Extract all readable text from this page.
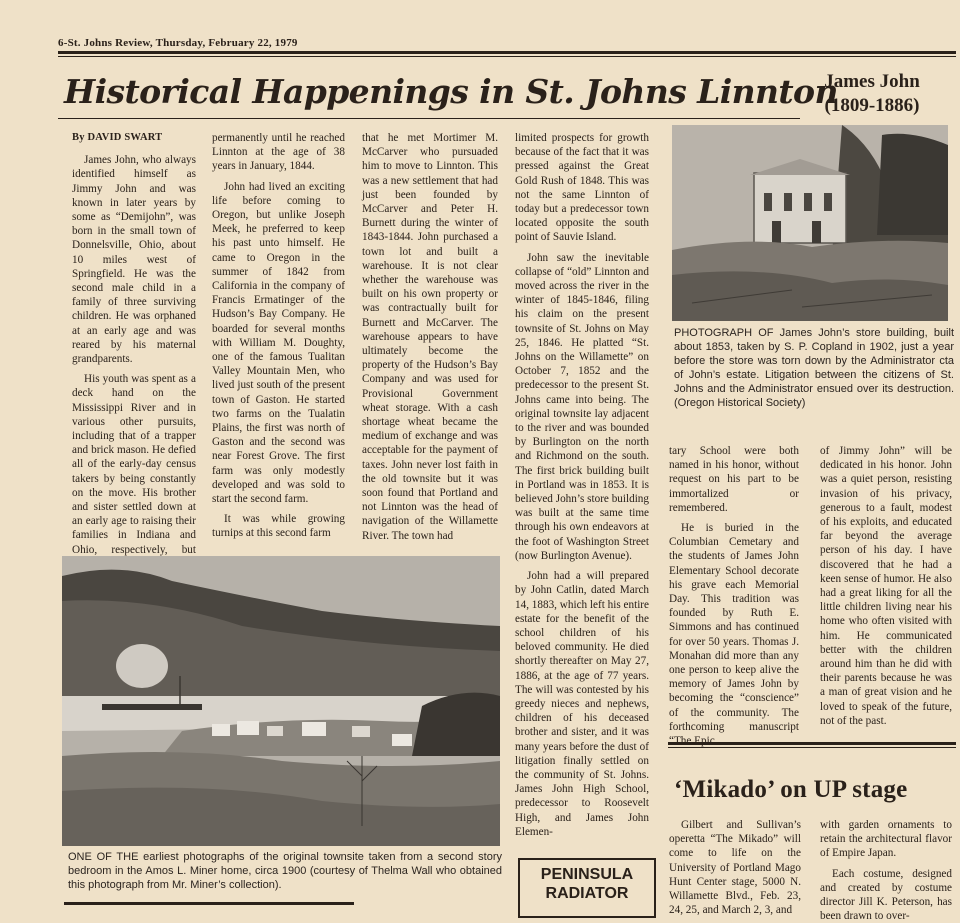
6-St. Johns Review, Thursday, February 22, 1979
Historical Happenings in St. Johns Linnton
James John
(1809-1886)
By DAVID SWART

James John, who always identified himself as Jimmy John and was known in later years by some as “Demijohn”, was born in the small town of Donnelsville, Ohio, about 10 miles west of Springfield. He was the second male child in a family of three surviving children. He was orphaned at an early age and was reared by his maternal grandparents.

His youth was spent as a deck hand on the Mississippi River and in various other pursuits, including that of a trapper and brick mason. He defied all of the early-day census takers by being constantly on the move. His brother and sister settled down at an early age to raising their families in Indiana and Ohio, respectively, but

permanently until he reached Linnton at the age of 38 years in January, 1844.

John had lived an exciting life before coming to Oregon, but unlike Joseph Meek, he preferred to keep his past unto himself. He came to Oregon in the summer of 1842 from California in the company of Francis Ermatinger of the Hudson’s Bay Company. He boarded for several months with William M. Doughty, one of the famous Tualitan Valley Mountain Men, who lived just south of the present town of Gaston. He started two farms on the Tualatin Plains, the first was north of Gaston and the second was near Forest Grove. The first farm was only modestly developed and was sold to start the second farm.

It was while growing turnips at this second farm

that he met Mortimer M. McCarver who pursuaded him to move to Linnton. This was a new settlement that had just been founded by McCarver and Peter H. Burnett during the winter of 1843-1844. John purchased a town lot and built a warehouse. It is not clear whether the warehouse was built on his own property or was contractually built for Burnett and McCarver. The warehouse appears to have ultimately become the property of the Hudson’s Bay Company and was used for Provisional Government wheat storage. With a cash shortage wheat became the medium of exchange and was acceptable for the payment of taxes. John never lost faith in the old townsite but it was soon found that Portland and not Linnton was the head of navigation of the Willamette River. The town had

limited prospects for growth because of the fact that it was pressed against the Great Gold Rush of 1848. This was not the same Linnton of today but a predecessor town located opposite the south point of Sauvie Island.

John saw the inevitable collapse of “old” Linnton and moved across the river in the winter of 1845-1846, filing his claim on the present townsite of St. Johns on May 25, 1846. He platted “St. Johns on the Willamette” on October 7, 1852 and the predecessor to the present St. Johns came into being. The original townsite lay adjacent to the river and was bounded by Burlington on the north and Richmond on the south. The first brick building built in Portland was in 1853. It is believed John’s store building was built at the same time through his own endeavors at the foot of Washington Street (now Burlington Avenue).

John had a will prepared by John Catlin, dated March 14, 1883, which left his entire estate for the benefit of the school children of his beloved community. He died shortly thereafter on May 27, 1886, at the age of 77 years. The will was contested by his greedy nieces and nephews, children of his deceased brother and sister, and it was many years before the dust of litigation finally settled on the community of St. Johns. James John High School, predecessor to Roosevelt High, and James John Elemen-

PHOTOGRAPH OF James John’s store building, built about 1853, taken by S. P. Copland in 1902, just a year before the store was torn down by the Administrator cta of John’s estate. Litigation between the citizens of St. Johns and the Administrator ensued over its destruction. (Oregon Historical Society)

tary School were both named in his honor, without request on his part to be immortalized or remembered.

He is buried in the Columbian Cemetary and the students of James John Elementary School decorate his grave each Memorial Day. This tradition was founded by Ruth E. Simmons and has continued for over 50 years. Thomas J. Monahan did more than any one person to keep alive the memory of James John by becoming the “conscience” of the community. The forthcoming manuscript

of Jimmy John” will be dedicated in his honor. John was a quiet person, resisting invasion of his privacy, generous to a fault, modest of his exploits, and educated far beyond the average person of his day. I have discovered that he had a keen sense of humor. He also had a great liking for all the little children living near his home who often visited with him. He communicated better with the children around him than he did with their parents because he was a man of great vision and he loved to speak of the future, not of the past.

ONE OF THE earliest photographs of the original townsite taken from a second story bedroom in the Amos L. Miner home, circa 1900 (courtesy of Thelma Wall who obtained this photograph from Mr. Miner’s collection).
‘Mikado’ on UP stage

Gilbert and Sullivan’s operetta “The Mikado” will come to life on the University of Portland Mago Hunt Center stage, 5000 N. Willamette Blvd., Feb. 23, 24, 25, and March 2, 3, and

with garden ornaments to retain the architectural flavor of Empire Japan.

Each costume, designed and created by costume director Jill K. Peterson, has been drawn to over-

PENINSULA
RADIATOR
